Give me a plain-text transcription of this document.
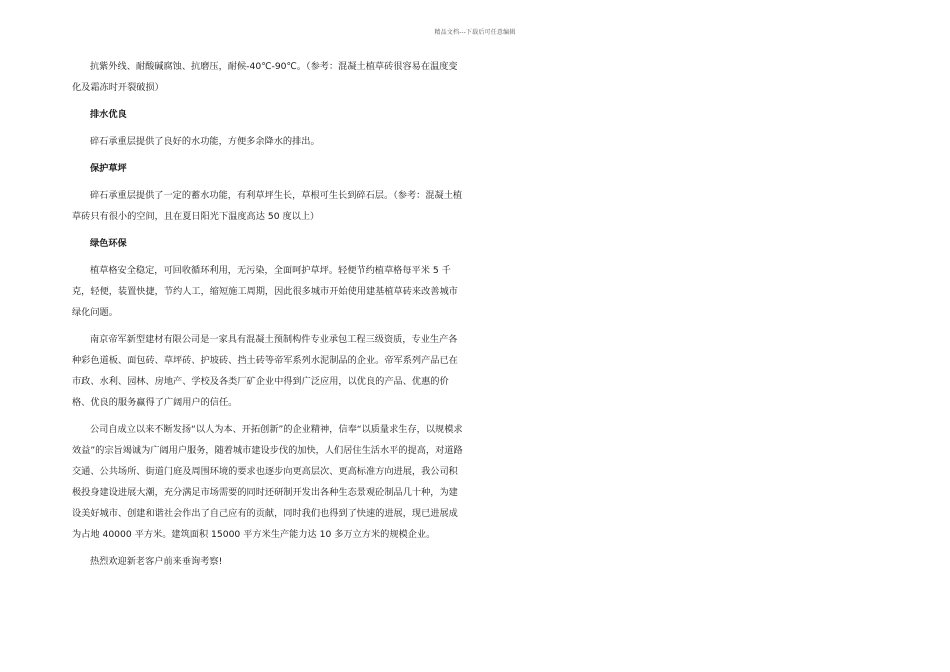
精品文档---下载后可任意编辑

抗紫外线、耐酸碱腐蚀、抗磨压，耐候-40℃-90℃。（参考：混凝土植草砖很容易在温度变化及霜冻时开裂破损）

排水优良

碎石承重层提供了良好的水功能，方便多余降水的排出。

保护草坪

碎石承重层提供了一定的蓄水功能，有利草坪生长，草根可生长到碎石层。（参考：混凝土植草砖只有很小的空间，且在夏日阳光下温度高达 50 度以上）

绿色环保

植草格安全稳定，可回收循环利用，无污染，全面呵护草坪。轻便节约植草格每平米 5 千克，轻便，装置快捷，节约人工，缩短施工周期，因此很多城市开始使用建基植草砖来改善城市绿化问题。

南京帝军新型建材有限公司是一家具有混凝土预制构件专业承包工程三级资质，专业生产各种彩色道板、面包砖、草坪砖、护坡砖、挡土砖等帝军系列水泥制品的企业。帝军系列产品已在市政、水利、园林、房地产、学校及各类厂矿企业中得到广泛应用，以优良的产品、优惠的价格、优良的服务赢得了广阔用户的信任。

公司自成立以来不断发扬“以人为本、开拓创新”的企业精神，信奉“以质量求生存，以规模求效益”的宗旨竭诚为广阔用户服务，随着城市建设步伐的加快，人们居住生活水平的提高，对道路交通、公共场所、街道门庭及周围环境的要求也逐步向更高层次、更高标准方向进展，我公司积极投身建设进展大潮，充分满足市场需要的同时还研制开发出各种生态景观砼制品几十种，为建设美好城市、创建和谐社会作出了自己应有的贡献，同时我们也得到了快速的进展，现已进展成为占地 40000 平方米。建筑面积 15000 平方米生产能力达 10 多万立方米的规模企业。

热烈欢迎新老客户前来垂询考察!
